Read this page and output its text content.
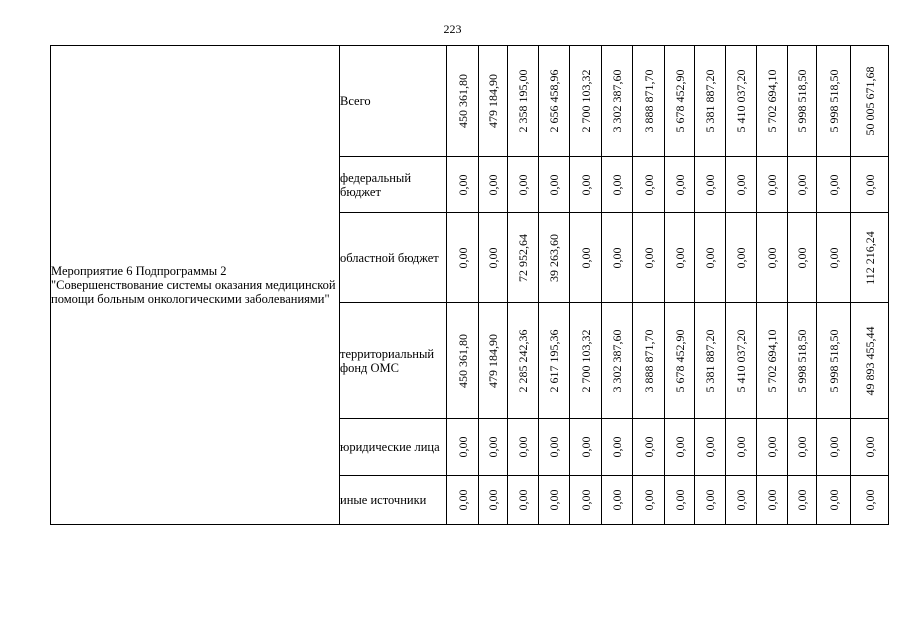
223
Мероприятие 6 Подпрограммы 2 "Совершенствование системы оказания медицинской помощи больным онкологическими заболеваниями"	Всего	450 361,80	479 184,90	2 358 195,00	2 656 458,96	2 700 103,32	3 302 387,60	3 888 871,70	5 678 452,90	5 381 887,20	5 410 037,20	5 702 694,10	5 998 518,50	5 998 518,50	50 005 671,68

	федеральный бюджет	0,00	0,00	0,00	0,00	0,00	0,00	0,00	0,00	0,00	0,00	0,00	0,00	0,00	0,00

	областной бюджет	0,00	0,00	72 952,64	39 263,60	0,00	0,00	0,00	0,00	0,00	0,00	0,00	0,00	0,00	112 216,24

	территориальный фонд ОМС	450 361,80	479 184,90	2 285 242,36	2 617 195,36	2 700 103,32	3 302 387,60	3 888 871,70	5 678 452,90	5 381 887,20	5 410 037,20	5 702 694,10	5 998 518,50	5 998 518,50	49 893 455,44

	юридические лица	0,00	0,00	0,00	0,00	0,00	0,00	0,00	0,00	0,00	0,00	0,00	0,00	0,00	0,00

	иные источники	0,00	0,00	0,00	0,00	0,00	0,00	0,00	0,00	0,00	0,00	0,00	0,00	0,00	0,00
